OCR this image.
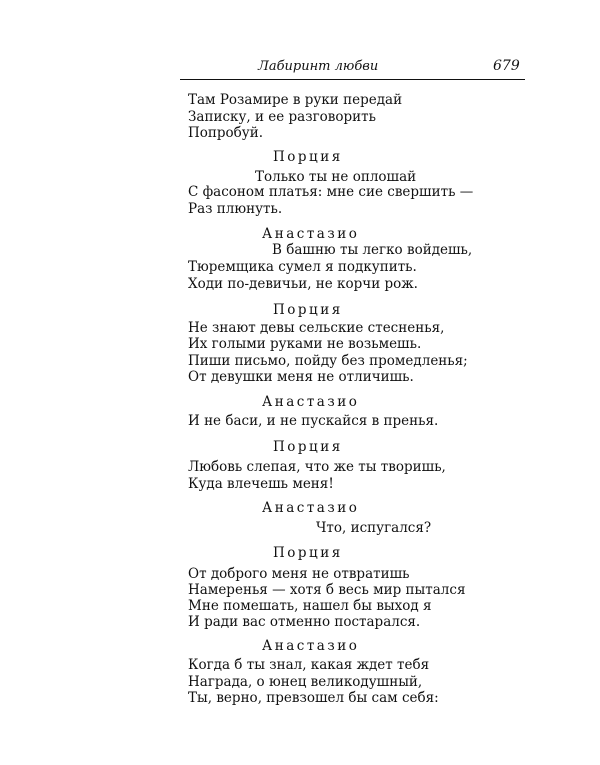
Лабиринт любви	679
Там Розамире в руки передай
Записку, и ее разговорить
Попробуй.
Порция
Только ты не оплошай
С фасоном платья: мне сие свершить —
Раз плюнуть.
Анастазио
В башню ты легко войдешь,
Тюремщика сумел я подкупить.
Ходи по-девичьи, не корчи рож.
Порция
Не знают девы сельские стесненья,
Их голыми руками не возьмешь.
Пиши письмо, пойду без промедленья;
От девушки меня не отличишь.
Анастазио
И не баси, и не пускайся в пренья.
Порция
Любовь слепая, что же ты творишь,
Куда влечешь меня!
Анастазио
Что, испугался?
Порция
От доброго меня не отвратишь
Намеренья — хотя б весь мир пытался
Мне помешать, нашел бы выход я
И ради вас отменно постарался.
Анастазио
Когда б ты знал, какая ждет тебя
Награда, о юнец великодушный,
Ты, верно, превзошел бы сам себя:
